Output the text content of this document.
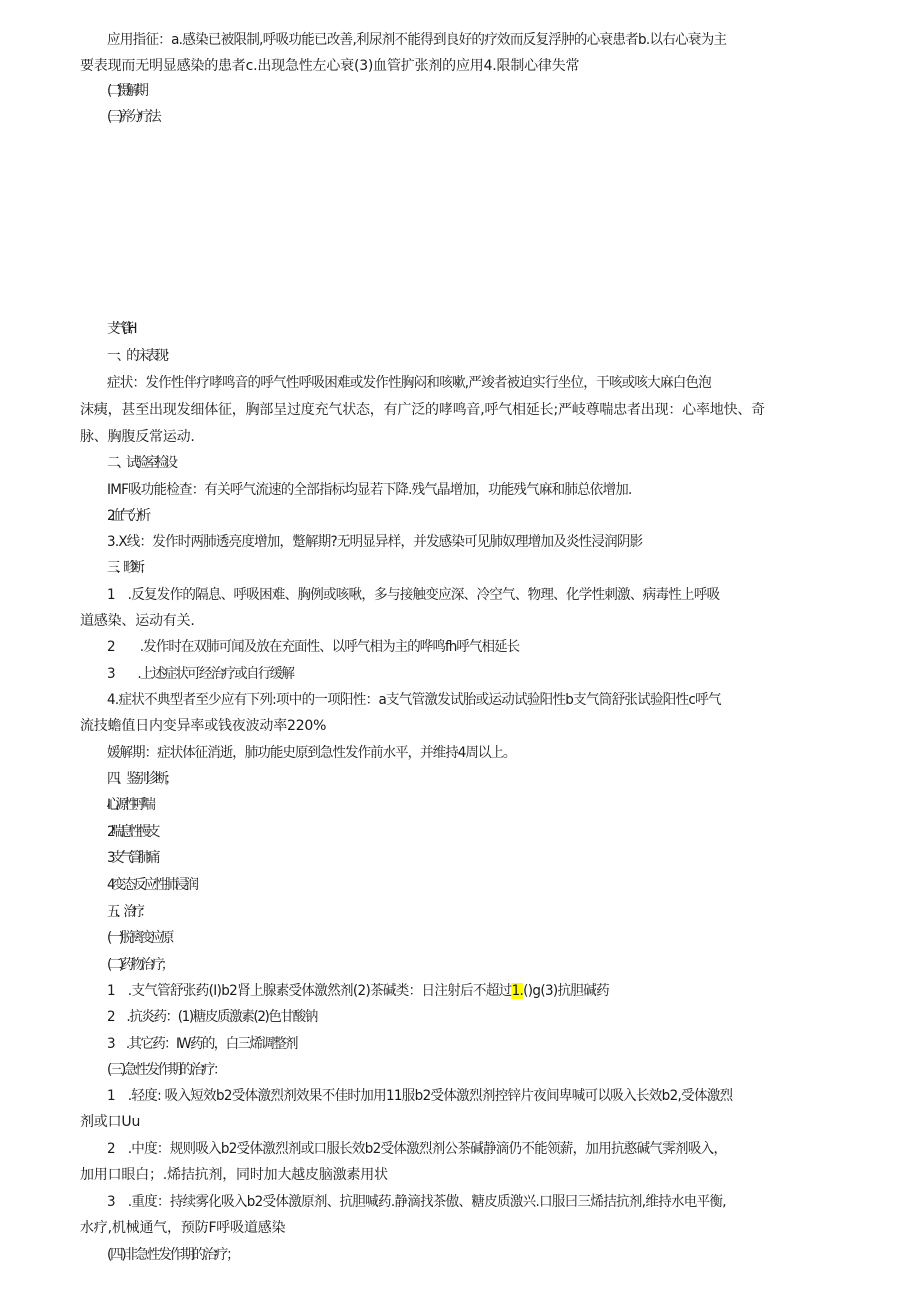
应用指征：a.感染已被限制,呼吸功能已改善,利尿剂不能得到良好的疗效而反复浮肿的心衰患者b.以右心衰为主

要表现而无明显感染的患者c.出现急性左心衰(3)血管扩张剂的应用4.限制心律失常

(二)慑解期

(三)养分疗法

支气管H

一、的床表现：

症状：发作性伴疗哮鸣音的呼气性呼吸困难或发作性胸闷和咳嗽,严竣者被迫实行坐位，干咳或咳大麻白色泡

沫痍，甚至出现发细体征，胸部呈过度充气状态，有广泛的哮鸣音,呼气相延长;严岐尊喘忠者出现：心率地快、奇

脉、胸腹反常运动.

二、试验室检设

IMF吸功能检查：有关呼气流速的全部指标均显若下降.残气晶增加，功能残气麻和肺总依增加.

2.血气分析

3.X线：发作时两肺透亮度增加，蹩解期?无明显异样，并发感染可见肺奴理增加及炎性浸润阴影

三、畛断：

1　.反复发作的隔息、呼吸困难、胸例或咳啾，多与接触变应深、冷空气、物理、化学性刺激、病毒性上呼吸

道感染、运动有关.

2　　.发作时在双肺可闻及放在充面性、以呼气相为主的哗鸣fh呼气相延长

3　　.上述症状可经治疗或自行缓解

4.症状不典型者至少应有下列:项中的一项阳性：a支气管激发试胎或运动试验阳性b支气筒舒张试验阳性c呼气

流技蟾值日内变异率或钱夜波动率220%

媛解期：症状体征消逝，肺功能史原到急性发作前水平，并维持4周以上。

四、鉴别诊断；

I心源性呼喘

2喘息性慢支

3支气管肺痛

4变态反应性肺浸润

五、治疗：

(一)脱离变应原

(二)药物治疗；

1　.支气管舒张药(I)b2肾上腺素受体激然剂(2)茶碱类：日注射后不超过1.()g(3)抗胆碱药

2　.抗炎药：(1)糖皮质激素(2)色甘酸钠

3　.其它药：IW药的，白三烯调整剂

(三)急性发作期的治疗：

1　.轻度: 吸入短效b2受体激烈剂效果不佳时加用11服b2受体激烈剂控锌片夜间卑喊可以吸入长效b2,受体激烈

剂或口Uu

2　.中度：规则吸入b2受体激烈剂或口服长效b2受体激烈剂公茶碱静滴仍不能领薪，加用抗憨碱气霁剂吸入，

加用口眼白；.烯拮抗剂，同时加大越皮脑激素用状

3　.重度：持续雾化吸入b2受体激原剂、抗胆喊药.静滴找茶傲、糖皮质激兴.口服曰三烯拮抗剂,维持水电平衡,

水疗,机械通气，预防F呼吸道感染

(四)非急性发作期的治疗；
